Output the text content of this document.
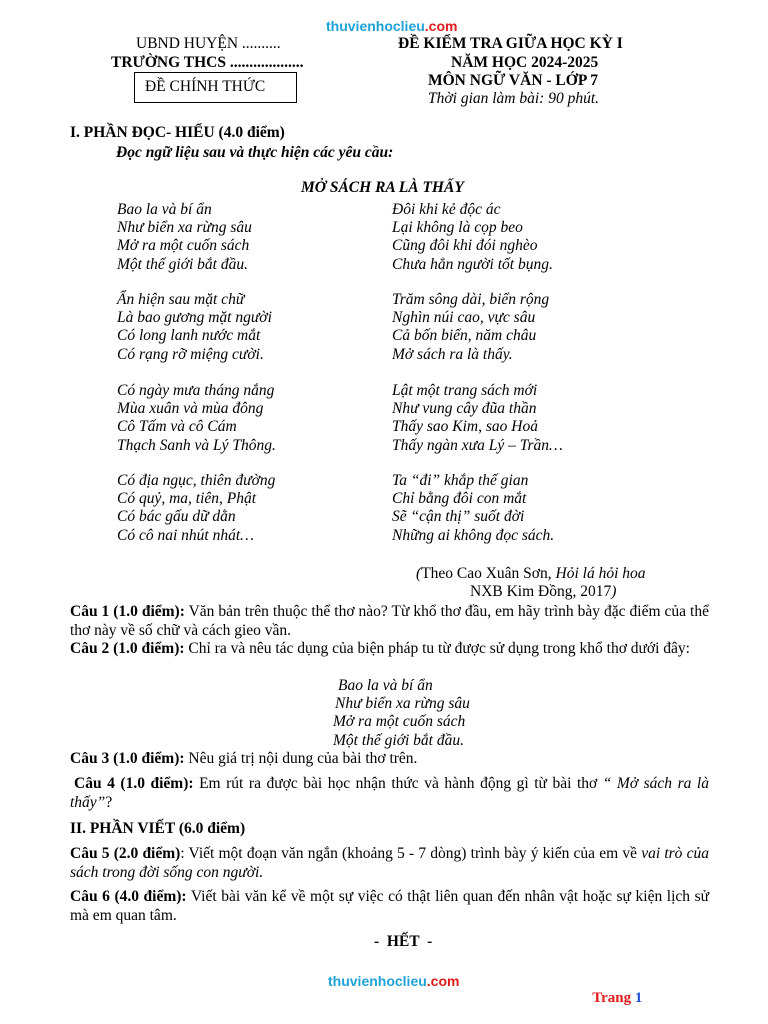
thuvienhoclieu.com
UBND HUYỆN ..........
TRƯỜNG THCS ...................
ĐỀ CHÍNH THỨC
ĐỀ KIỂM TRA GIỮA HỌC KỲ I
NĂM HỌC 2024-2025
MÔN NGỮ VĂN - LỚP 7
Thời gian làm bài: 90 phút.
I. PHẦN ĐỌC- HIỂU (4.0 điểm)
Đọc ngữ liệu sau và thực hiện các yêu cầu:
MỞ SÁCH RA LÀ THẤY
Bao la và bí ẩn
Như biển xa rừng sâu
Mở ra một cuốn sách
Một thế giới bắt đầu.
Ẩn hiện sau mặt chữ
Là bao gương mặt người
Có long lanh nước mắt
Có rạng rỡ miệng cười.
Có ngày mưa tháng nắng
Mùa xuân và mùa đông
Cô Tấm và cô Cám
Thạch Sanh và Lý Thông.
Có địa ngục, thiên đường
Có quỷ, ma, tiên, Phật
Có bác gấu dữ dằn
Có cô nai nhút nhát…
Đôi khi kẻ độc ác
Lại không là cọp beo
Cũng đôi khi đói nghèo
Chưa hẳn người tốt bụng.
Trăm sông dài, biển rộng
Nghìn núi cao, vực sâu
Cả bốn biển, năm châu
Mở sách ra là thấy.
Lật một trang sách mới
Như vung cây đũa thần
Thấy sao Kim, sao Hoả
Thấy ngàn xưa Lý – Trần…
Ta “đi” khắp thế gian
Chỉ bằng đôi con mắt
Sẽ “cận thị” suốt đời
Những ai không đọc sách.
(Theo Cao Xuân Sơn, Hỏi lá hỏi hoa
NXB Kim Đồng, 2017)
Câu 1 (1.0 điểm): Văn bản trên thuộc thể thơ nào? Từ khổ thơ đầu, em hãy trình bày đặc điểm của thể thơ này về số chữ và cách gieo vần.
Câu 2 (1.0 điểm): Chỉ ra và nêu tác dụng của biện pháp tu từ được sử dụng trong khổ thơ dưới đây:
Bao la và bí ẩn
Như biển xa rừng sâu
Mở ra một cuốn sách
Một thế giới bắt đầu.
Câu 3 (1.0 điểm): Nêu giá trị nội dung của bài thơ trên.
Câu 4 (1.0 điểm): Em rút ra được bài học nhận thức và hành động gì từ bài thơ “ Mở sách ra là thấy”?
II. PHẦN VIẾT (6.0 điểm)
Câu 5 (2.0 điểm): Viết một đoạn văn ngắn (khoảng 5 - 7 dòng) trình bày ý kiến của em về vai trò của sách trong đời sống con người.
Câu 6 (4.0 điểm): Viết bài văn kể về một sự việc có thật liên quan đến nhân vật hoặc sự kiện lịch sử mà em quan tâm.
-  HẾT  -
thuvienhoclieu.com

Trang 1
